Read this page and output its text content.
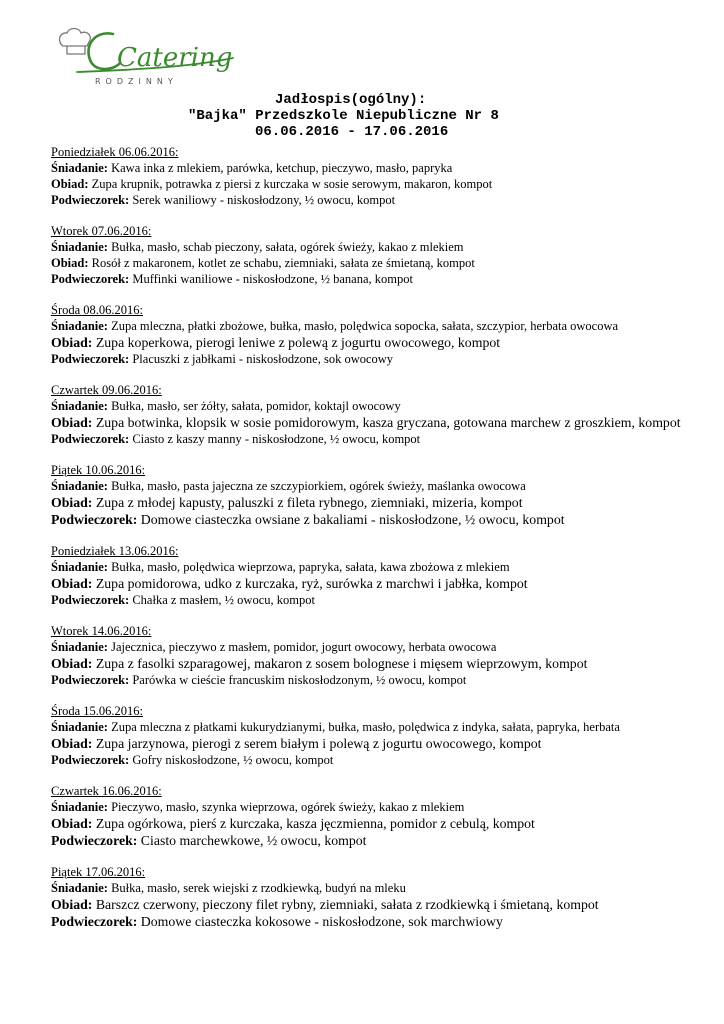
Catering
RODZINNY
Jadłospis(ogólny):
"Bajka" Przedszkole Niepubliczne Nr 8
06.06.2016 - 17.06.2016
Poniedziałek 06.06.2016:
Śniadanie: Kawa inka z mlekiem, parówka, ketchup, pieczywo, masło, papryka
Obiad: Zupa krupnik, potrawka z piersi z kurczaka w sosie serowym, makaron, kompot
Podwieczorek: Serek waniliowy - niskosłodzony, ½ owocu, kompot
Wtorek 07.06.2016:
Śniadanie: Bułka, masło, schab pieczony, sałata, ogórek świeży, kakao z mlekiem
Obiad: Rosół z makaronem, kotlet ze schabu, ziemniaki, sałata ze śmietaną, kompot
Podwieczorek: Muffinki waniliowe - niskosłodzone, ½ banana, kompot
Środa 08.06.2016:
Śniadanie: Zupa mleczna, płatki zbożowe, bułka, masło, polędwica sopocka, sałata, szczypior, herbata owocowa
Obiad: Zupa koperkowa, pierogi leniwe z polewą z jogurtu owocowego, kompot
Podwieczorek: Placuszki z jabłkami - niskosłodzone, sok owocowy
Czwartek 09.06.2016:
Śniadanie: Bułka, masło, ser żółty, sałata, pomidor, koktajl owocowy
Obiad: Zupa botwinka, klopsik w sosie pomidorowym, kasza gryczana, gotowana marchew z groszkiem, kompot
Podwieczorek: Ciasto z kaszy manny - niskosłodzone, ½ owocu, kompot
Piątek 10.06.2016:
Śniadanie: Bułka, masło, pasta jajeczna ze szczypiorkiem, ogórek świeży, maślanka owocowa
Obiad: Zupa z młodej kapusty, paluszki z fileta rybnego, ziemniaki, mizeria, kompot
Podwieczorek: Domowe ciasteczka owsiane z bakaliami - niskosłodzone, ½ owocu, kompot
Poniedziałek 13.06.2016:
Śniadanie: Bułka, masło, polędwica wieprzowa, papryka, sałata, kawa zbożowa z mlekiem
Obiad: Zupa pomidorowa, udko z kurczaka, ryż, surówka z marchwi i jabłka, kompot
Podwieczorek: Chałka z masłem, ½ owocu, kompot
Wtorek 14.06.2016:
Śniadanie: Jajecznica, pieczywo z masłem, pomidor, jogurt owocowy, herbata owocowa
Obiad: Zupa z fasolki szparagowej, makaron z sosem bolognese i mięsem wieprzowym, kompot
Podwieczorek: Parówka w cieście francuskim niskosłodzonym, ½ owocu, kompot
Środa 15.06.2016:
Śniadanie: Zupa mleczna z płatkami kukurydzianymi, bułka, masło, polędwica z indyka, sałata, papryka, herbata
Obiad: Zupa jarzynowa, pierogi z serem białym i polewą z jogurtu owocowego, kompot
Podwieczorek: Gofry niskosłodzone, ½ owocu, kompot
Czwartek 16.06.2016:
Śniadanie: Pieczywo, masło, szynka wieprzowa, ogórek świeży, kakao z mlekiem
Obiad: Zupa ogórkowa, pierś z kurczaka, kasza jęczmienna, pomidor z cebulą, kompot
Podwieczorek: Ciasto marchewkowe, ½ owocu, kompot
Piątek 17.06.2016:
Śniadanie: Bułka, masło, serek wiejski z rzodkiewką, budyń na mleku
Obiad: Barszcz czerwony, pieczony filet rybny, ziemniaki, sałata z rzodkiewką i śmietaną, kompot
Podwieczorek: Domowe ciasteczka kokosowe - niskosłodzone, sok marchwiowy
